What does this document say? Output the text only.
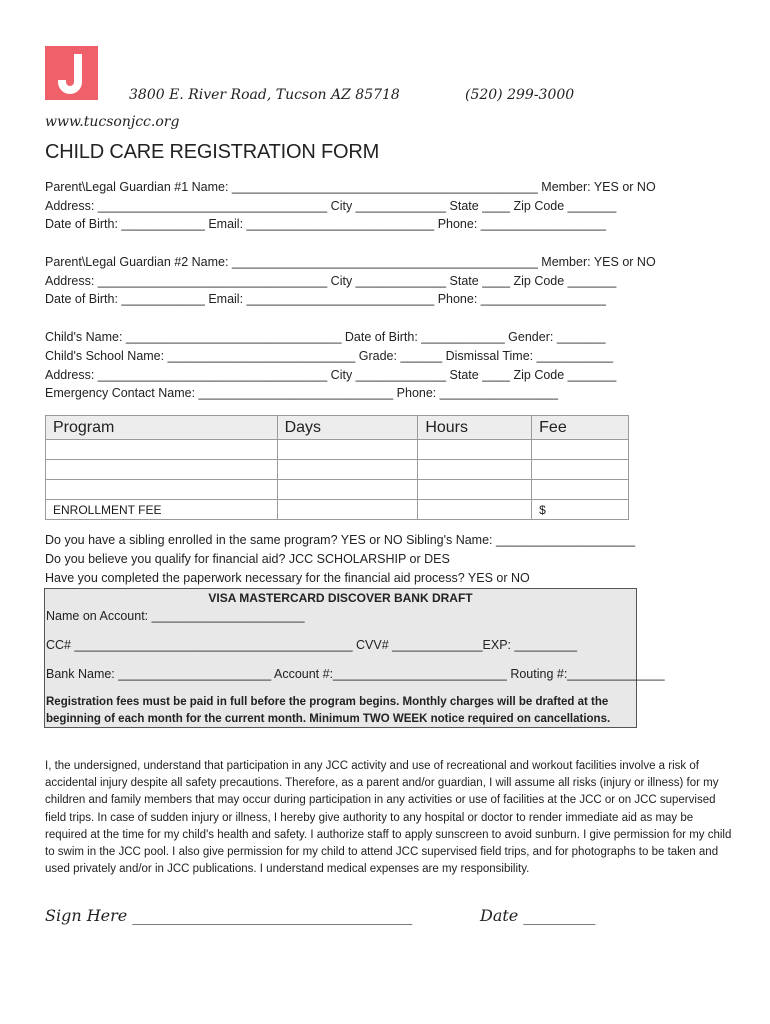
3800 E. River Road, Tucson AZ 85718	(520) 299-3000
www.tucsonjcc.org
CHILD CARE REGISTRATION FORM
Parent\Legal Guardian #1 Name: ____________________________________________ Member: YES or NO
Address: _________________________________ City _____________ State ____ Zip Code _______
Date of Birth: ____________ Email: ___________________________ Phone: __________________
Parent\Legal Guardian #2 Name: ____________________________________________ Member: YES or NO
Address: _________________________________ City _____________ State ____ Zip Code _______
Date of Birth: ____________ Email: ___________________________ Phone: __________________
Child's Name: _______________________________ Date of Birth: ____________ Gender: _______
Child's School Name: ___________________________ Grade: ______ Dismissal Time: ___________
Address: _________________________________ City _____________ State ____ Zip Code _______
Emergency Contact Name: ____________________________ Phone: _________________
Program	Days	Hours	Fee

ENROLLMENT FEE			$
Do you have a sibling enrolled in the same program? YES or NO Sibling's Name: ____________________
Do you believe you qualify for financial aid? JCC SCHOLARSHIP or DES
Have you completed the paperwork necessary for the financial aid process? YES or NO
VISA MASTERCARD DISCOVER BANK DRAFT
Name on Account: ______________________
CC# ________________________________________ CVV# _____________EXP: _________
Bank Name: ______________________ Account #:_________________________ Routing #:______________
Registration fees must be paid in full before the program begins. Monthly charges will be drafted at the
beginning of each month for the current month. Minimum TWO WEEK notice required on cancellations.
I, the undersigned, understand that participation in any JCC activity and use of recreational and workout facilities involve a risk of accidental injury despite all safety precautions. Therefore, as a parent and/or guardian, I will assume all risks (injury or illness) for my children and family members that may occur during participation in any activities or use of facilities at the JCC or on JCC supervised field trips. In case of sudden injury or illness, I hereby give authority to any hospital or doctor to render immediate aid as may be required at the time for my child's health and safety. I authorize staff to apply sunscreen to avoid sunburn. I give permission for my child to swim in the JCC pool. I also give permission for my child to attend JCC supervised field trips, and for photographs to be taken and used privately and/or in JCC publications. I understand medical expenses are my responsibility.
Sign Here ___________________________________	Date _________
